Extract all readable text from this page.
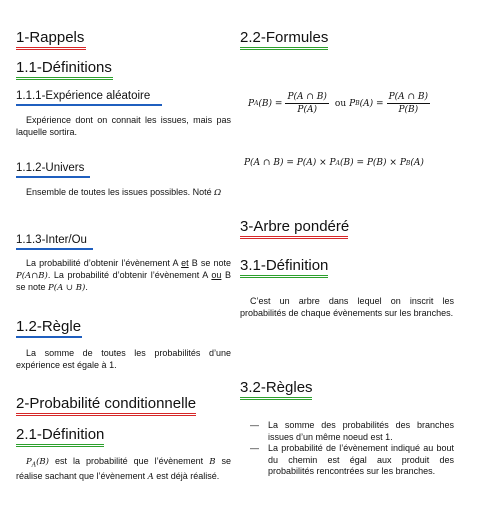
1-Rappels
1.1-Définitions
1.1.1-Expérience aléatoire
Expérience dont on connait les issues, mais pas laquelle sortira.
1.1.2-Univers
Ensemble de toutes les issues possibles. Noté Ω
1.1.3-Inter/Ou
La probabilité d’obtenir l’évènement A et B se note P(A∩B). La probabilité d’obtenir l’évènement A ou B se note P(A ∪ B).
1.2-Règle
La somme de toutes les probabilités d’une expérience est égale à 1.
2-Probabilité conditionnelle
2.1-Définition
$P_A(B)$ est la probabilité que l’évènement B se réalise sachant que l’évènement A est déjà réalisé.
2.2-Formules
P A $(B) = \frac{P(A \cap B)}{P(A)}$ ou P B $(A) = \frac{P(A \cap B)}{P(B)}$
P(A ∩ B) = P(A) × P A (B) = P(B) × P B (A)
3-Arbre pondéré
3.1-Définition
C’est un arbre dans lequel on inscrit les probabilités de chaque évènements sur les branches.
3.2-Règles
— La somme des probabilités des branches issues d’un même noeud est 1.
— La probabilité de l’évènement indiqué au bout du chemin est égal aux produit des probabilités rencontrées sur les branches.
